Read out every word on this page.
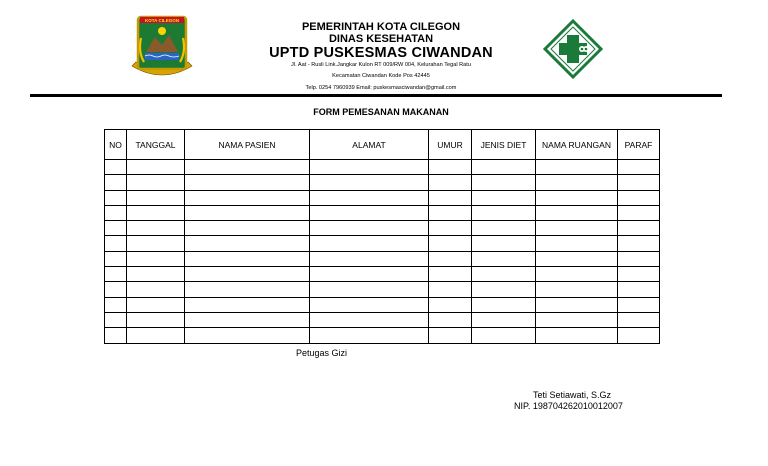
KOTA CILEGON
PEMERINTAH KOTA CILEGON
DINAS KESEHATAN
UPTD PUSKESMAS CIWANDAN
Jl. Aat - Rusli Link.Jangkar Kulon RT 009/RW 004, Kelurahan Tegal Ratu
Kecamatan Ciwandan Kode Pos 42445
Telp. 0254 7960939 Email: puskesmasciwandan@gmail.com
FORM PEMESANAN MAKANAN
NO	TANGGAL	NAMA PASIEN	ALAMAT	UMUR	JENIS DIET	NAMA RUANGAN	PARAF

Petugas Gizi
Teti Setiawati, S.Gz
NIP. 198704262010012007
